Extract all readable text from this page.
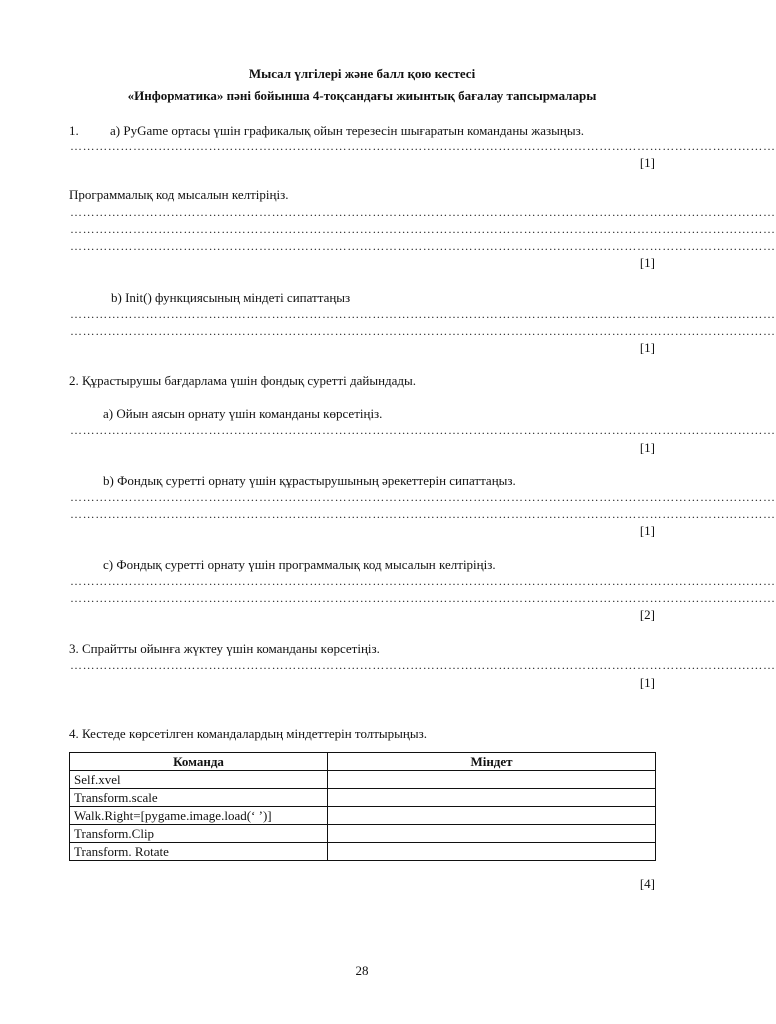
Мысал үлгілері және балл қою кестесі
«Информатика» пәні бойынша 4-тоқсандағы жиынтық бағалау тапсырмалары
1. а) PyGame ортасы үшін графикалық ойын терезесін шығаратын команданы жазыңыз.
……………………………………………………………………………………………………………………………………………………
[1]
Программалық код мысалын келтіріңіз.
……………………………………………………………………………………………………………………………………………………
……………………………………………………………………………………………………………………………………………………
……………………………………………………………………………………………………………………………………………………
[1]
b) Init() функциясының міндеті сипаттаңыз
……………………………………………………………………………………………………………………………………………………
……………………………………………………………………………………………………………………………………………………
[1]
2. Құрастырушы бағдарлама үшін фондық суретті дайындады.
а) Ойын аясын орнату үшін команданы көрсетіңіз.
……………………………………………………………………………………………………………………………………………………
[1]
b) Фондық суретті орнату үшін құрастырушының әрекеттерін сипаттаңыз.
……………………………………………………………………………………………………………………………………………………
……………………………………………………………………………………………………………………………………………………
[1]
c) Фондық суретті орнату үшін программалық код мысалын келтіріңіз.
……………………………………………………………………………………………………………………………………………………
……………………………………………………………………………………………………………………………………………………
[2]
3. Спрайтты ойынға жүктеу үшін команданы көрсетіңіз.
……………………………………………………………………………………………………………………………………………………
[1]
4. Кестеде көрсетілген командалардың міндеттерін толтырыңыз.
Команда	Міндет
Self.xvel	
Transform.scale	
Walk.Right=[pygame.image.load(‘ ’)]	
Transform.Clip	
Transform. Rotate	
[4]
28
